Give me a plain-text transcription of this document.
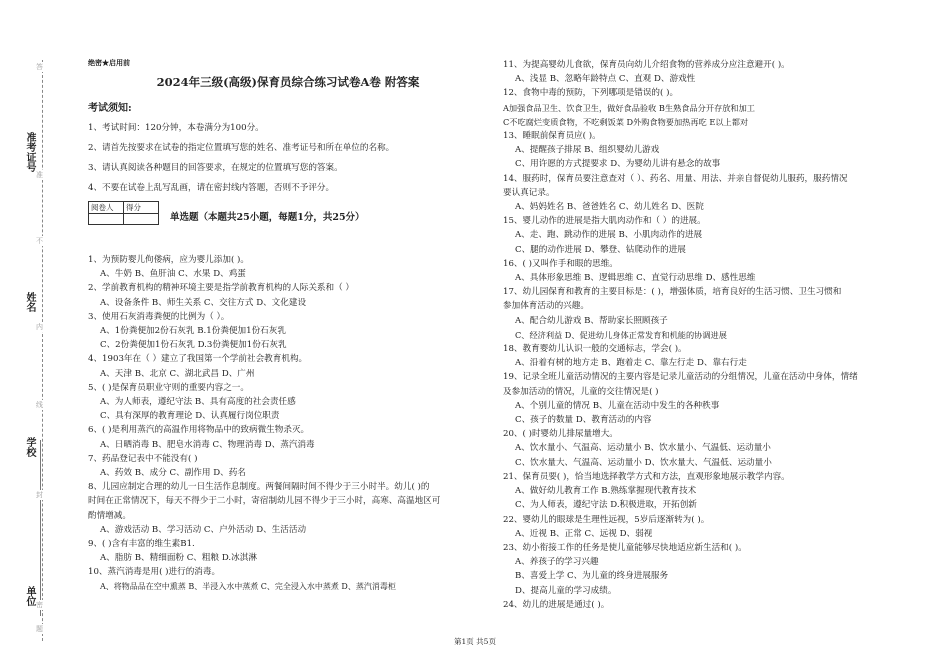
准考证号
姓名
学校
单位 密
封
线
内
不
准
答
题
绝密★启用前
2024年三级(高级)保育员综合练习试卷A卷 附答案
考试须知:
1、考试时间：120分钟，本卷满分为100分。
2、请首先按要求在试卷的指定位置填写您的姓名、准考证号和所在单位的名称。
3、请认真阅读各种题目的回答要求，在规定的位置填写您的答案。
4、不要在试卷上乱写乱画，请在密封线内答题，否则不予评分。
阅卷人	得分

单选题（本题共25小题，每题1分，共25分）
1、为预防婴儿佝偻病，应为婴儿添加( )。
A、牛奶 B、鱼肝油 C、水果 D、鸡蛋
2、学前教育机构的精神环境主要是指学前教育机构的人际关系和（ ）
A、设备条件 B、师生关系 C、交往方式 D、文化建设
3、使用石灰消毒粪便的比例为（ ）。
A、1份粪便加2份石灰乳 B.1份粪便加1份石灰乳
C、2份粪便加1份石灰乳 D.3份粪便加1份石灰乳
4、1903年在（ ）建立了我国第一个学前社会教育机构。
A、天津 B、北京 C、湖北武昌 D、广州
5、( )是保育员职业守则的重要内容之一。
A、为人师表，遵纪守法 B、具有高度的社会责任感
C、具有深厚的教育理论 D、认真履行岗位职责
6、( )是利用蒸汽的高温作用将物品中的致病微生物杀灭。
A、日晒消毒 B、肥皂水消毒 C、物理消毒 D、蒸汽消毒
7、药品登记表中不能没有( )
A、药效 B、成分 C、副作用 D、药名
8、儿园应制定合理的幼儿一日生活作息制度。两餐间隔时间不得少于三小时半。幼儿( )的
时间在正常情况下，每天不得少于二小时，寄宿制幼儿园不得少于三小时，高寒、高温地区可
酌情增减。
A、游戏活动 B、学习活动 C、户外活动 D、生活活动
9、( )含有丰富的维生素B1.
A、脂肪 B、精细面粉 C、粗粮 D.冰淇淋
10、蒸汽消毒是用( )进行的消毒。
A、将物品品在空中熏蒸 B、半浸入水中蒸煮 C、完全浸入水中蒸煮 D、蒸汽消毒柜
11、为提高婴幼儿食欲，保育员向幼儿介绍食物的营养成分应注意避开( )。
A、浅显 B、忽略年龄特点 C、直观 D、游戏性
12、食物中毒的预防，下列哪项是错误的( )。
A加强食品卫生、饮食卫生，做好食品验收 B生熟食品分开存放和加工
C不吃腐烂变质食物，不吃剩饭菜 D外购食物要加热再吃 E以上都对
13、睡眠前保育员应( )。
A、提醒孩子排尿 B、组织婴幼儿游戏
C、用许愿的方式提要求 D、为婴幼儿讲有悬念的故事
14、服药时，保育员要注意查对（ ）、药名、用量、用法、并亲自督促幼儿服药，服药情况
要认真记录。
A、妈妈姓名 B、爸爸姓名 C、幼儿姓名 D、医院
15、婴儿动作的进展是指大肌肉动作和（ ）的进展。
A、走、跑、跳动作的进展 B、小肌肉动作的进展
C、腿的动作进展 D、攀登、钻爬动作的进展
16、( )又叫作手和眼的思维。
A、具体形象思维 B、逻辑思维 C、直觉行动思维 D、感性思维
17、幼儿园保育和教育的主要目标是：( )，增强体质，培育良好的生活习惯、卫生习惯和
参加体育活动的兴趣。
A、配合幼儿游戏 B、帮助家长照顾孩子
C、经济利益 D、促进幼儿身体正常发育和机能的协调进展
18、教育婴幼儿认识一般的交通标志，学会( )。
A、沿着有树的地方走 B、跑着走 C、靠左行走 D、靠右行走
19、记录全班儿童活动情况的主要内容是记录儿童活动的分组情况，儿童在活动中身体，情绪
及参加活动的情况，儿童的交往情况是( )
A、个别儿童的情况 B、儿童在活动中发生的各种秩事
C、孩子的数量 D、教育活动的内容
20、( )时婴幼儿排尿量增大。
A、饮水量小、气温高、运动量小 B、饮水量小、气温低、运动量小
C、饮水量大、气温高、运动量小 D、饮水量大、气温低、运动量小
21、保育员要( )，恰当地选择教学方式和方法，直观形象地展示教学内容。
A、做好幼儿教育工作 B.熟练掌握现代教育技术
C、为人师表，遵纪守法 D.积极进取，开拓创新
22、婴幼儿的眼球是生理性远视，5岁后逐渐转为( )。
A、近视 B、正常 C、远视 D、弱视
23、幼小衔接工作的任务是使儿童能够尽快地适应新生活和( )。
A、养孩子的学习兴趣
B、喜爱上学 C、为儿童的终身进展服务
D、提高儿童的学习成绩。
24、幼儿的进展是通过( )。
第1页 共5页
